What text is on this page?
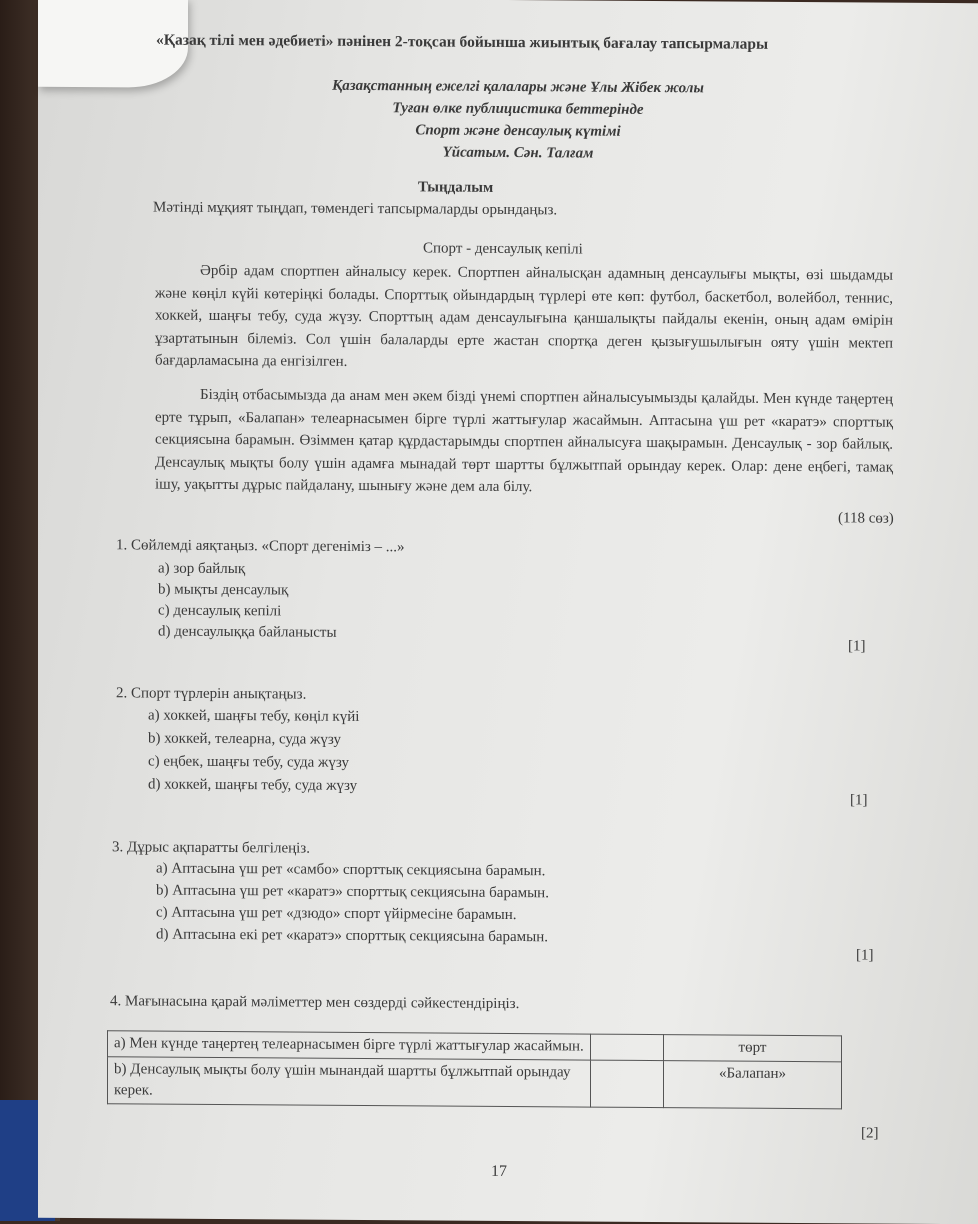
«Қазақ тілі мен әдебиеті» пәнінен 2-тоқсан бойынша жиынтық бағалау тапсырмалары
Қазақстанның ежелгі қалалары және Ұлы Жібек жолы
Туған өлке публицистика беттерінде
Спорт және денсаулық күтімі
Үйсатым. Сән. Талғам
Тыңдалым
Мәтінді мұқият тыңдап, төмендегі тапсырмаларды орындаңыз.
Спорт - денсаулық кепілі
Әрбір адам спортпен айналысу керек. Спортпен айналысқан адамның денсаулығы мықты, өзі шыдамды және көңіл күйі көтеріңкі болады. Спорттық ойындардың түрлері өте көп: футбол, баскетбол, волейбол, теннис, хоккей, шаңғы тебу, суда жүзу. Спорттың адам денсаулығына қаншалықты пайдалы екенін, оның адам өмірін ұзартатынын білеміз. Сол үшін балаларды ерте жастан спортқа деген қызығушылығын ояту үшін мектеп бағдарламасына да енгізілген.
Біздің отбасымызда да анам мен әкем бізді үнемі спортпен айналысуымызды қалайды. Мен күнде таңертең ерте тұрып, «Балапан» телеарнасымен бірге түрлі жаттығулар жасаймын. Аптасына үш рет «каратэ» спорттық секциясына барамын. Өзіммен қатар құрдастарымды спортпен айналысуға шақырамын. Денсаулық - зор байлық. Денсаулық мықты болу үшін адамға мынадай төрт шартты бұлжытпай орындау керек. Олар: дене еңбегі, тамақ ішу, уақытты дұрыс пайдалану, шынығу және дем ала білу.
(118 сөз)
1. Сөйлемді аяқтаңыз. «Спорт дегеніміз – ...»
а) зор байлық
b) мықты денсаулық
c) денсаулық кепілі
d) денсаулыққа байланысты
[1]
2. Спорт түрлерін анықтаңыз.
а) хоккей, шаңғы тебу, көңіл күйі
b) хоккей, телеарна, суда жүзу
c) еңбек, шаңғы тебу, суда жүзу
d) хоккей, шаңғы тебу, суда жүзу
[1]
3. Дұрыс ақпаратты белгілеңіз.
a) Аптасына үш рет «самбо» спорттық секциясына барамын.
b) Аптасына үш рет «каратэ» спорттық секциясына барамын.
c) Аптасына үш рет «дзюдо» спорт үйірмесіне барамын.
d) Аптасына екі рет «каратэ» спорттық секциясына барамын.
[1]
4. Мағынасына қарай мәліметтер мен сөздерді сәйкестендіріңіз.
а) Мен күнде таңертең телеарнасымен бірге түрлі жаттығулар жасаймын.		төрт
b) Денсаулық мықты болу үшін мынандай шартты бұлжытпай орындау керек.		«Балапан»
[2]
17
